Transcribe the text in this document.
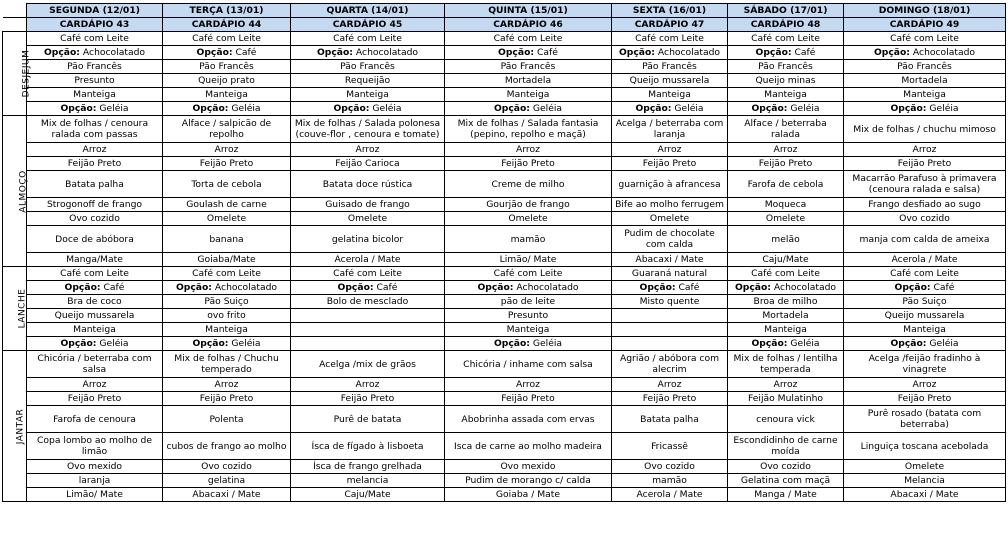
	SEGUNDA (12/01)	TERÇA (13/01)	QUARTA (14/01)	QUINTA (15/01)	SEXTA (16/01)	SÁBADO (17/01)	DOMINGO (18/01)
	CARDÁPIO 43	CARDÁPIO 44	CARDÁPIO 45	CARDÁPIO 46	CARDÁPIO 47	CARDÁPIO 48	CARDÁPIO 49
DESJEJUM	Café com Leite	Café com Leite	Café com Leite	Café com Leite	Café com Leite	Café com Leite	Café com Leite
	Opção: Achocolatado	Opção: Café	Opção: Achocolatado	Opção: Café	Opção: Achocolatado	Opção: Café	Opção: Achocolatado
	Pão Francês	Pão Francês	Pão Francês	Pão Francês	Pão Francês	Pão Francês	Pão Francês
	Presunto	Queijo prato	Requeijão	Mortadela	Queijo mussarela	Queijo minas	Mortadela
	Manteiga	Manteiga	Manteiga	Manteiga	Manteiga	Manteiga	Manteiga
	Opção: Geléia	Opção: Geléia	Opção: Geléia	Opção: Geléia	Opção: Geléia	Opção: Geléia	Opção: Geléia
ALMOÇO	Mix de folhas / cenoura ralada com passas	Alface / salpicão de repolho	Mix de folhas / Salada polonesa (couve-flor , cenoura e tomate)	Mix de folhas / Salada fantasia (pepino, repolho e maçã)	Acelga / beterraba com laranja	Alface / beterraba ralada	Mix de folhas / chuchu mimoso
	Arroz	Arroz	Arroz	Arroz	Arroz	Arroz	Arroz
	Feijão Preto	Feijão Preto	Feijão Carioca	Feijão Preto	Feijão Preto	Feijão Preto	Feijão Preto
	Batata palha	Torta de cebola	Batata doce rústica	Creme de milho	guarnição à afrancesa	Farofa de cebola	Macarrão Parafuso à primavera (cenoura ralada e salsa)
	Strogonoff de frango	Goulash de carne	Guisado de frango	Gourjão de frango	Bife ao molho ferrugem	Moqueca	Frango desfiado ao sugo
	Ovo cozido	Omelete	Omelete	Omelete	Omelete	Omelete	Ovo cozido
	Doce de abóbora	banana	gelatina bicolor	mamão	Pudim de chocolate com calda	melão	manja com calda de ameixa
	Manga/Mate	Goiaba/Mate	Acerola / Mate	Limão/ Mate	Abacaxi / Mate	Caju/Mate	Acerola / Mate
LANCHE	Café com Leite	Café com Leite	Café com Leite	Café com Leite	Guaraná natural	Café com Leite	Café com Leite
	Opção: Café	Opção: Achocolatado	Opção: Café	Opção: Achocolatado	Opção: Café	Opção: Achocolatado	Opção: Café
	Bra de coco	Pão Suiço	Bolo de mesclado	pão de leite	Misto quente	Broa de milho	Pão Suiço
	Queijo mussarela	ovo frito		Presunto		Mortadela	Queijo mussarela
	Manteiga	Manteiga		Manteiga		Manteiga	Manteiga
	Opção: Geléia	Opção: Geléia		Opção: Geléia		Opção: Geléia	Opção: Geléia
JANTAR	Chicória / beterraba com salsa	Mix de folhas / Chuchu temperado	Acelga /mix de grãos	Chicória / inhame com salsa	Agrião / abóbora com alecrim	Mix de folhas / lentilha temperada	Acelga /feijão fradinho à vinagrete
	Arroz	Arroz	Arroz	Arroz	Arroz	Arroz	Arroz
	Feijão Preto	Feijão Preto	Feijão Preto	Feijão Preto	Feijão Preto	Feijão Mulatinho	Feijão Preto
	Farofa de cenoura	Polenta	Purê de batata	Abobrinha assada com ervas	Batata palha	cenoura vick	Purê rosado (batata com beterraba)
	Copa lombo ao molho de limão	cubos de frango ao molho	Ísca de fígado à lisboeta	Isca de carne ao molho madeira	Fricassê	Escondidinho de carne moída	Linguiça toscana acebolada
	Ovo mexido	Ovo cozido	Ísca de frango grelhada	Ovo mexido	Ovo cozido	Ovo cozido	Omelete
	laranja	gelatina	melancia	Pudim de morango c/ calda	mamão	Gelatina com maçã	Melancia
	Limão/ Mate	Abacaxi / Mate	Caju/Mate	Goiaba / Mate	Acerola / Mate	Manga / Mate	Abacaxi / Mate
